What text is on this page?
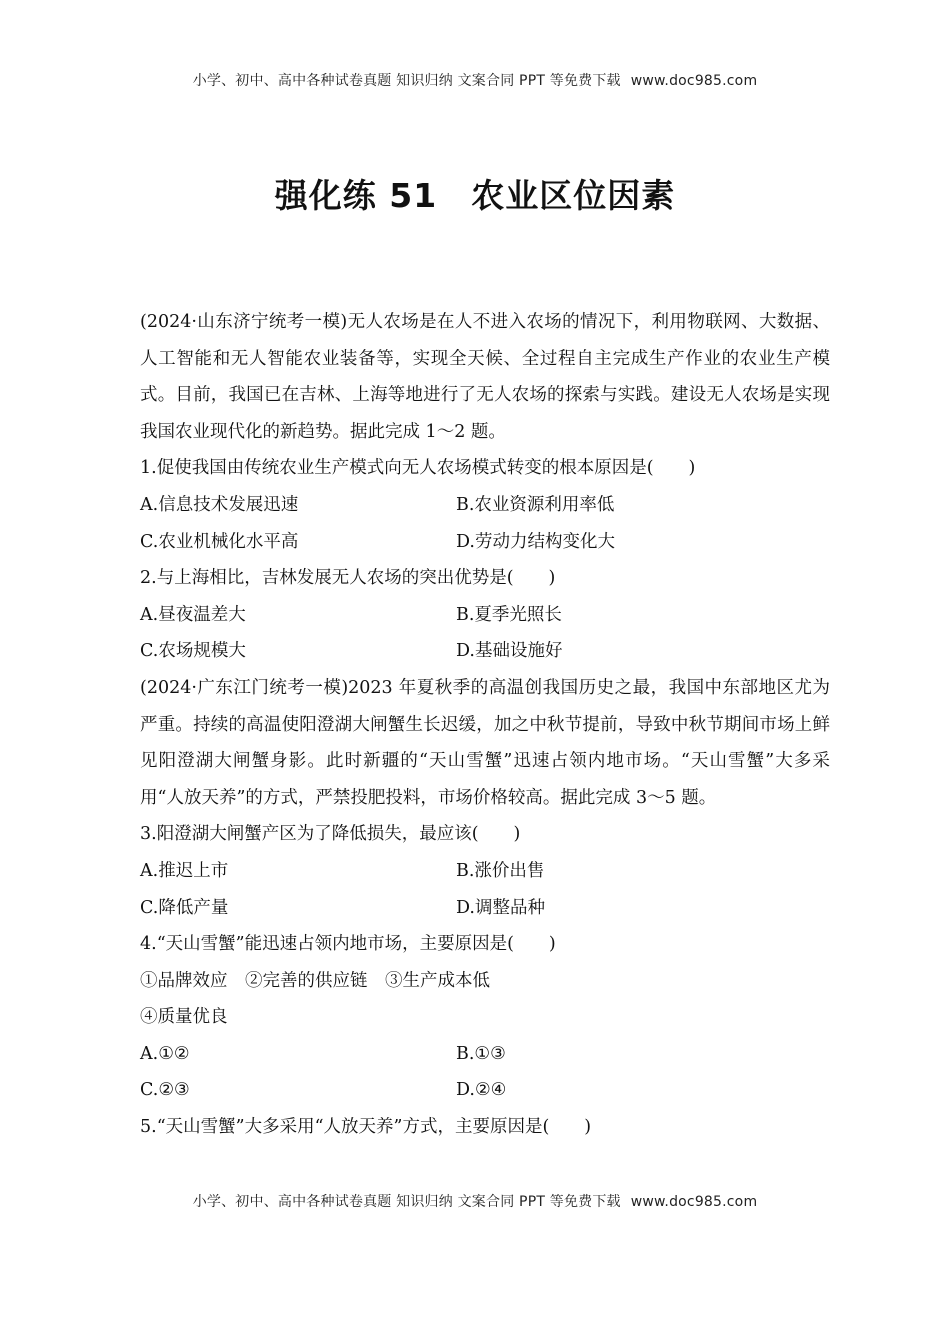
小学、初中、高中各种试卷真题 知识归纳 文案合同 PPT 等免费下载 www.doc985.com
强化练 51 农业区位因素

(2024·山东济宁统考一模)无人农场是在人不进入农场的情况下，利用物联网、大数据、人工智能和无人智能农业装备等，实现全天候、全过程自主完成生产作业的农业生产模式。目前，我国已在吉林、上海等地进行了无人农场的探索与实践。建设无人农场是实现我国农业现代化的新趋势。据此完成 1～2 题。

1.促使我国由传统农业生产模式向无人农场模式转变的根本原因是(　　)
A.信息技术发展迅速	B.农业资源利用率低
C.农业机械化水平高	D.劳动力结构变化大
2.与上海相比，吉林发展无人农场的突出优势是(　　)
A.昼夜温差大	B.夏季光照长
C.农场规模大	D.基础设施好

(2024·广东江门统考一模)2023 年夏秋季的高温创我国历史之最，我国中东部地区尤为严重。持续的高温使阳澄湖大闸蟹生长迟缓，加之中秋节提前，导致中秋节期间市场上鲜见阳澄湖大闸蟹身影。此时新疆的“天山雪蟹”迅速占领内地市场。“天山雪蟹”大多采用“人放天养”的方式，严禁投肥投料，市场价格较高。据此完成 3～5 题。

3.阳澄湖大闸蟹产区为了降低损失，最应该(　　)
A.推迟上市	B.涨价出售
C.降低产量	D.调整品种
4.“天山雪蟹”能迅速占领内地市场，主要原因是(　　)
①品牌效应　②完善的供应链　③生产成本低
④质量优良
A.①②	B.①③
C.②③	D.②④
5.“天山雪蟹”大多采用“人放天养”方式，主要原因是(　　)
小学、初中、高中各种试卷真题 知识归纳 文案合同 PPT 等免费下载 www.doc985.com
